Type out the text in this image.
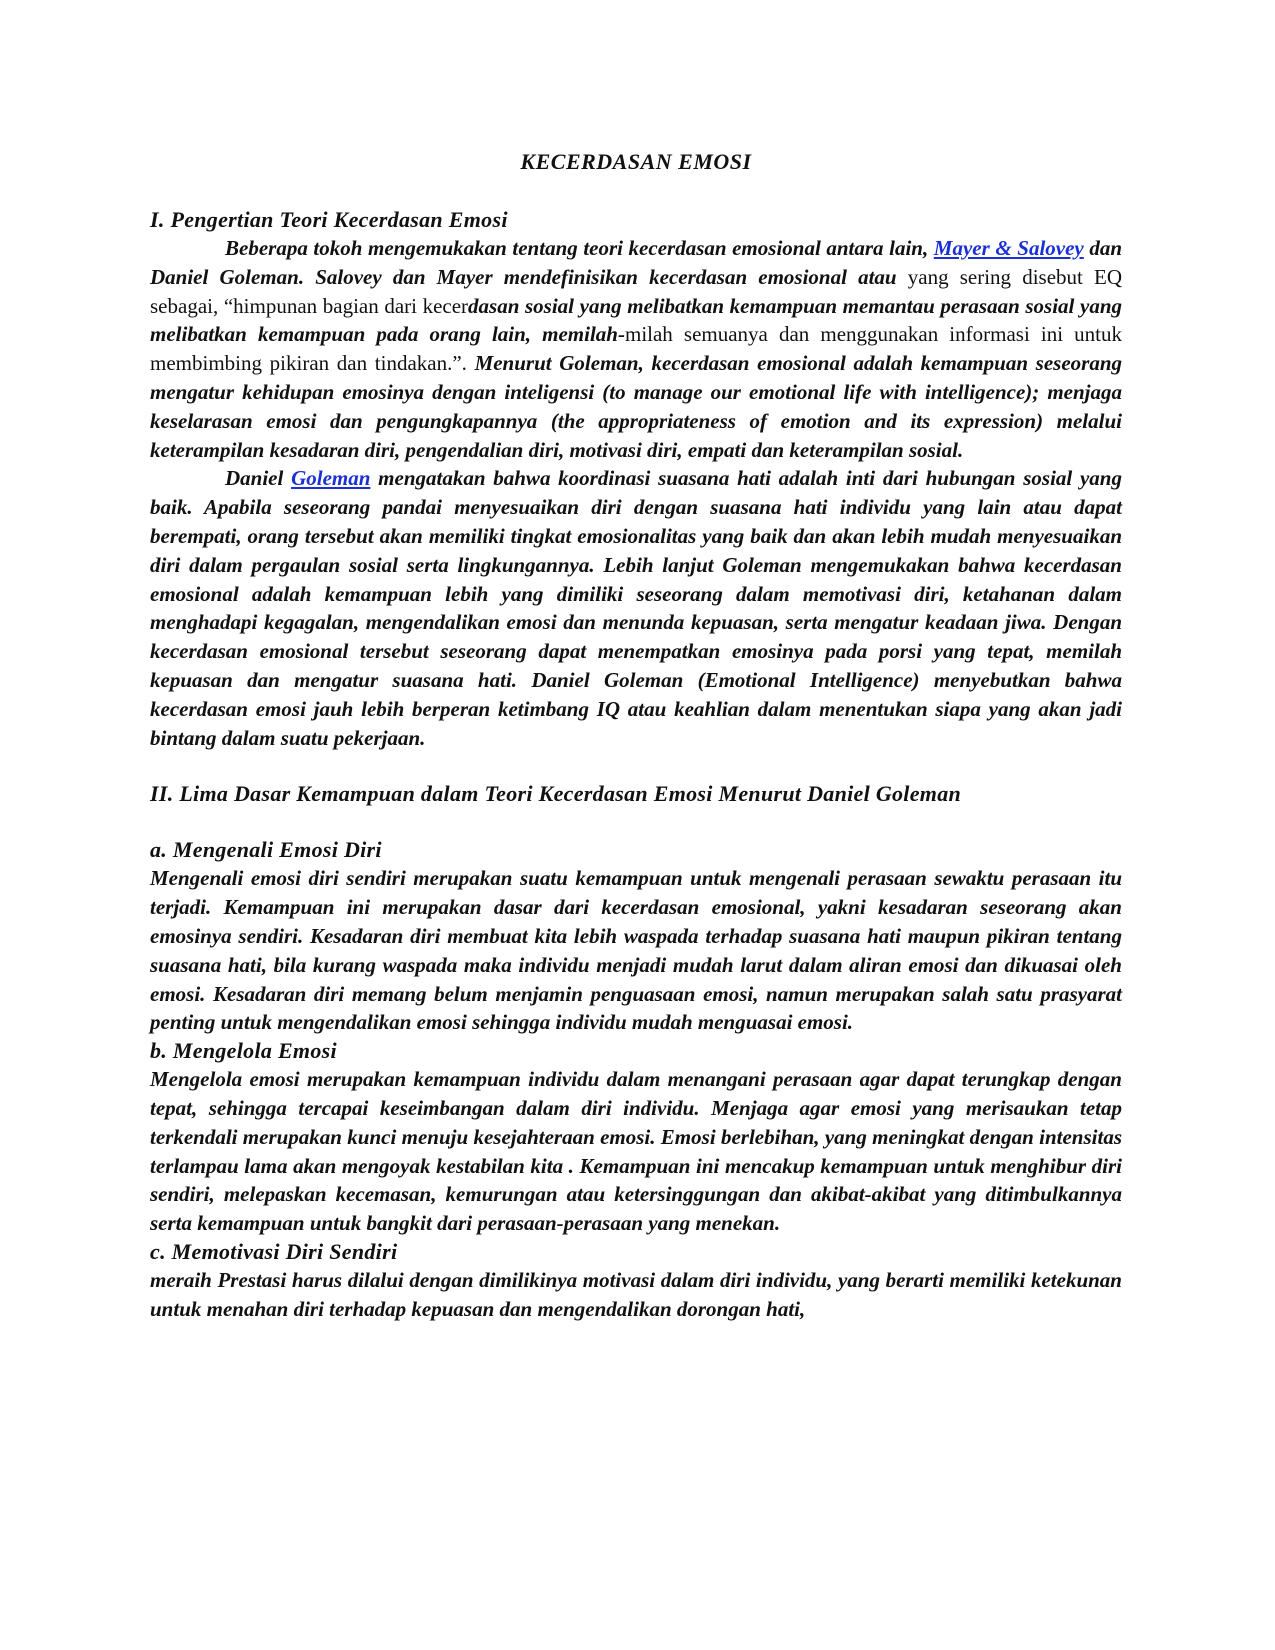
KECERDASAN EMOSI
I. Pengertian Teori Kecerdasan Emosi

Beberapa tokoh mengemukakan tentang teori kecerdasan emosional antara lain, Mayer & Salovey dan Daniel Goleman. Salovey dan Mayer mendefinisikan kecerdasan emosional atau yang sering disebut EQ sebagai, “himpunan bagian dari kecerdasan sosial yang melibatkan kemampuan memantau perasaan sosial yang melibatkan kemampuan pada orang lain, memilah-milah semuanya dan menggunakan informasi ini untuk membimbing pikiran dan tindakan.”. Menurut Goleman, kecerdasan emosional adalah kemampuan seseorang mengatur kehidupan emosinya dengan inteligensi (to manage our emotional life with intelligence); menjaga keselarasan emosi dan pengungkapannya (the appropriateness of emotion and its expression) melalui keterampilan kesadaran diri, pengendalian diri, motivasi diri, empati dan keterampilan sosial.

Daniel Goleman mengatakan bahwa koordinasi suasana hati adalah inti dari hubungan sosial yang baik. Apabila seseorang pandai menyesuaikan diri dengan suasana hati individu yang lain atau dapat berempati, orang tersebut akan memiliki tingkat emosionalitas yang baik dan akan lebih mudah menyesuaikan diri dalam pergaulan sosial serta lingkungannya. Lebih lanjut Goleman mengemukakan bahwa kecerdasan emosional adalah kemampuan lebih yang dimiliki seseorang dalam memotivasi diri, ketahanan dalam menghadapi kegagalan, mengendalikan emosi dan menunda kepuasan, serta mengatur keadaan jiwa. Dengan kecerdasan emosional tersebut seseorang dapat menempatkan emosinya pada porsi yang tepat, memilah kepuasan dan mengatur suasana hati. Daniel Goleman (Emotional Intelligence) menyebutkan bahwa kecerdasan emosi jauh lebih berperan ketimbang IQ atau keahlian dalam menentukan siapa yang akan jadi bintang dalam suatu pekerjaan.

II. Lima Dasar Kemampuan dalam Teori Kecerdasan Emosi Menurut Daniel Goleman
a. Mengenali Emosi Diri

Mengenali emosi diri sendiri merupakan suatu kemampuan untuk mengenali perasaan sewaktu perasaan itu terjadi. Kemampuan ini merupakan dasar dari kecerdasan emosional, yakni kesadaran seseorang akan emosinya sendiri. Kesadaran diri membuat kita lebih waspada terhadap suasana hati maupun pikiran tentang suasana hati, bila kurang waspada maka individu menjadi mudah larut dalam aliran emosi dan dikuasai oleh emosi. Kesadaran diri memang belum menjamin penguasaan emosi, namun merupakan salah satu prasyarat penting untuk mengendalikan emosi sehingga individu mudah menguasai emosi.

b. Mengelola Emosi

Mengelola emosi merupakan kemampuan individu dalam menangani perasaan agar dapat terungkap dengan tepat, sehingga tercapai keseimbangan dalam diri individu. Menjaga agar emosi yang merisaukan tetap terkendali merupakan kunci menuju kesejahteraan emosi. Emosi berlebihan, yang meningkat dengan intensitas terlampau lama akan mengoyak kestabilan kita . Kemampuan ini mencakup kemampuan untuk menghibur diri sendiri, melepaskan kecemasan, kemurungan atau ketersinggungan dan akibat-akibat yang ditimbulkannya serta kemampuan untuk bangkit dari perasaan-perasaan yang menekan.

c. Memotivasi Diri Sendiri

meraih Prestasi harus dilalui dengan dimilikinya motivasi dalam diri individu, yang berarti memiliki ketekunan untuk menahan diri terhadap kepuasan dan mengendalikan dorongan hati,
